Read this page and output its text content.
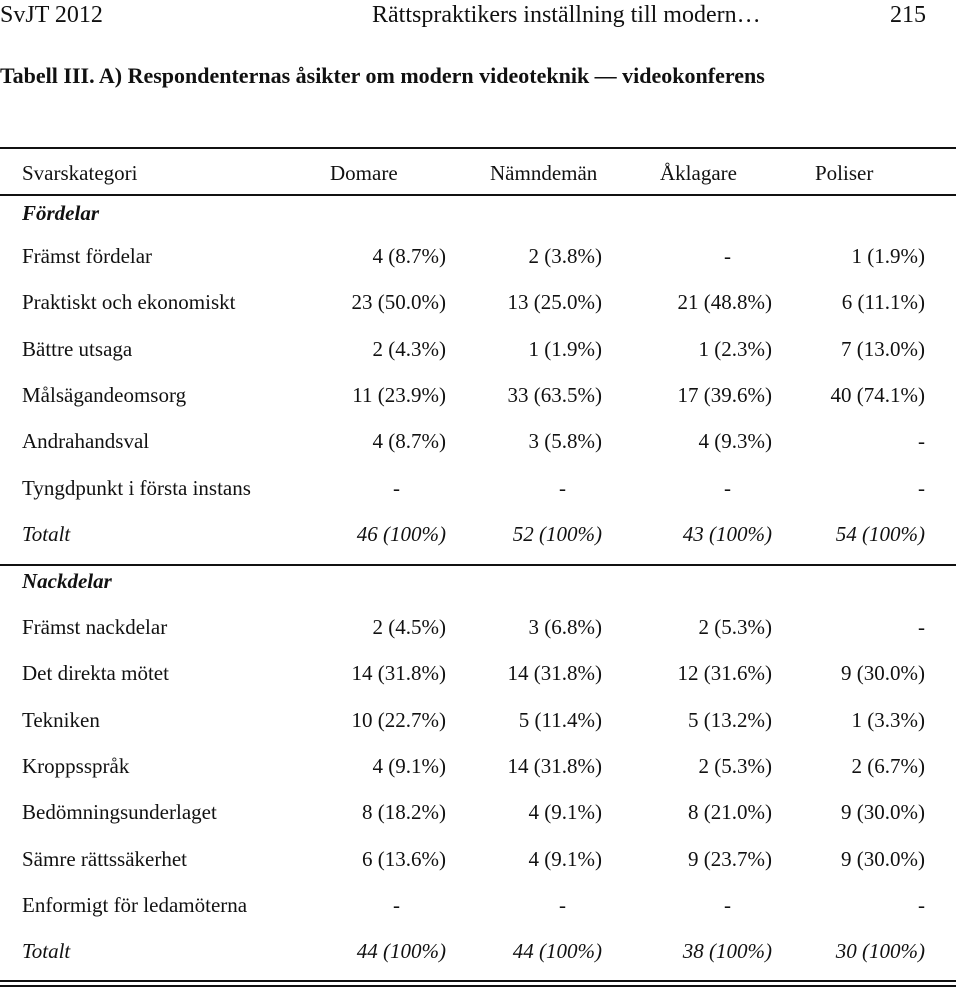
SvJT 2012	Rättspraktikers inställning till modern…	215
Tabell III. A) Respondenternas åsikter om modern videoteknik — videokonferens
Svarskategori	Domare	Nämndemän	Åklagare	Poliser
Fördelar
Främst fördelar	4 (8.7%)	2 (3.8%)	-	1 (1.9%)
Praktiskt och ekonomiskt	23 (50.0%)	13 (25.0%)	21 (48.8%)	6 (11.1%)
Bättre utsaga	2 (4.3%)	1 (1.9%)	1 (2.3%)	7 (13.0%)
Målsägandeomsorg	11 (23.9%)	33 (63.5%)	17 (39.6%)	40 (74.1%)
Andrahandsval	4 (8.7%)	3 (5.8%)	4 (9.3%)	-
Tyngdpunkt i första instans	-	-	-	-
Totalt	46 (100%)	52 (100%)	43 (100%)	54 (100%)
Nackdelar
Främst nackdelar	2 (4.5%)	3 (6.8%)	2 (5.3%)	-
Det direkta mötet	14 (31.8%)	14 (31.8%)	12 (31.6%)	9 (30.0%)
Tekniken	10 (22.7%)	5 (11.4%)	5 (13.2%)	1 (3.3%)
Kroppsspråk	4 (9.1%)	14 (31.8%)	2 (5.3%)	2 (6.7%)
Bedömningsunderlaget	8 (18.2%)	4 (9.1%)	8 (21.0%)	9 (30.0%)
Sämre rättssäkerhet	6 (13.6%)	4 (9.1%)	9 (23.7%)	9 (30.0%)
Enformigt för ledamöterna	-	-	-	-
Totalt	44 (100%)	44 (100%)	38 (100%)	30 (100%)
